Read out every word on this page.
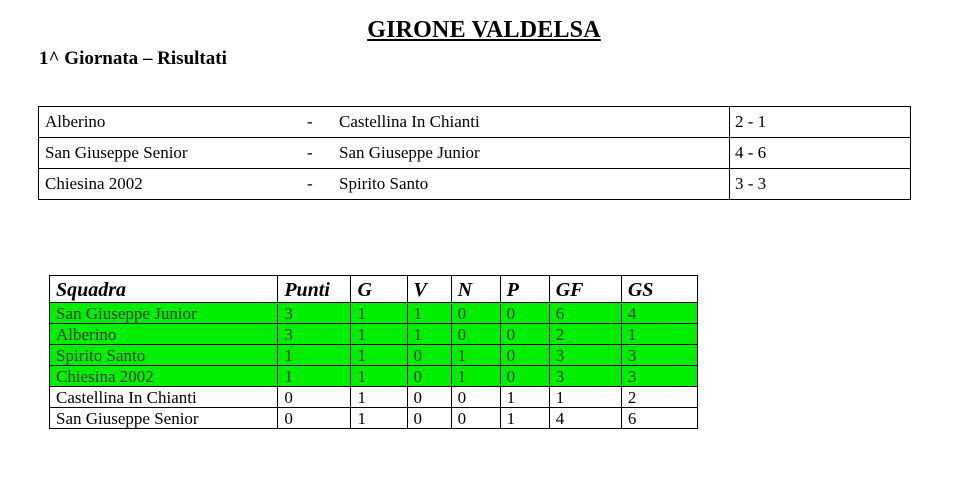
GIRONE VALDELSA
1^ Giornata – Risultati
Alberino	-	Castellina In Chianti	2 - 1
San Giuseppe Senior	-	San Giuseppe Junior	4 - 6
Chiesina 2002	-	Spirito Santo	3 - 3
Squadra	Punti	G	V	N	P	GF	GS
San Giuseppe Junior	3	1	1	0	0	6	4
Alberino	3	1	1	0	0	2	1
Spirito Santo	1	1	0	1	0	3	3
Chiesina 2002	1	1	0	1	0	3	3
Castellina In Chianti	0	1	0	0	1	1	2
San Giuseppe Senior	0	1	0	0	1	4	6
